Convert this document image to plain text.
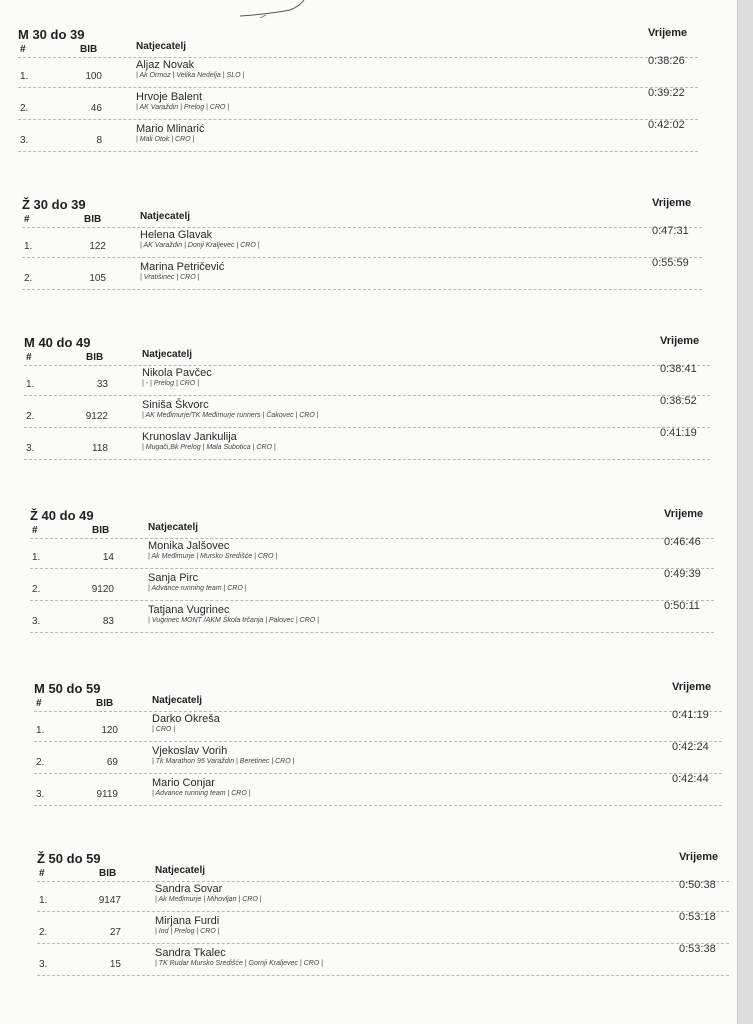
M 30 do 39	Vrijeme
#	BIB	Natjecatelj
1.	100
Aljaz Novak
| Ak Ormoz | Velika Nedelja | SLO |
0:38:26
2.	46
Hrvoje Balent
| AK Varaždin | Prelog | CRO |
0:39:22
3.	8
Mario Mlinarić
| Mali Otok | CRO |
0:42:02
Ž 30 do 39	Vrijeme
#	BIB	Natjecatelj
1.	122
Helena Glavak
| AK Varaždin | Donji Kraljevec | CRO |
0:47:31
2.	105
Marina Petričević
| Vratišinec | CRO |
0:55:59
M 40 do 49	Vrijeme
#	BIB	Natjecatelj
1.	33
Nikola Pavčec
| - | Prelog | CRO |
0:38:41
2.	9122
Siniša Škvorc
| AK Međimurje/TK Međimurje runners | Čakovec | CRO |
0:38:52
3.	118
Krunoslav Jankulija
| Mugači,Bk Prelog | Mala Subotica | CRO |
0:41:19
Ž 40 do 49	Vrijeme
#	BIB	Natjecatelj
1.	14
Monika Jalšovec
| Ak Međimurje | Mursko Središće | CRO |
0:46:46
2.	9120
Sanja Pirc
| Advance running team | CRO |
0:49:39
3.	83
Tatjana Vugrinec
| Vugrinec MONT /AKM Škola trčanja | Palovec | CRO |
0:50:11
M 50 do 59	Vrijeme
#	BIB	Natjecatelj
1.	120
Darko Okreša
| CRO |
0:41:19
2.	69
Vjekoslav Vorih
| Tk Marathon 95 Varaždin | Beretinec | CRO |
0:42:24
3.	9119
Mario Conjar
| Advance running team | CRO |
0:42:44
Ž 50 do 59	Vrijeme
#	BIB	Natjecatelj
1.	9147
Sandra Sovar
| Ak Međimurje | Mihovljan | CRO |
0:50:38
2.	27
Mirjana Furdi
| Ind | Prelog | CRO |
0:53:18
3.	15
Sandra Tkalec
| TK Rudar Mursko Središće | Gornji Kraljevec | CRO |
0:53:38
